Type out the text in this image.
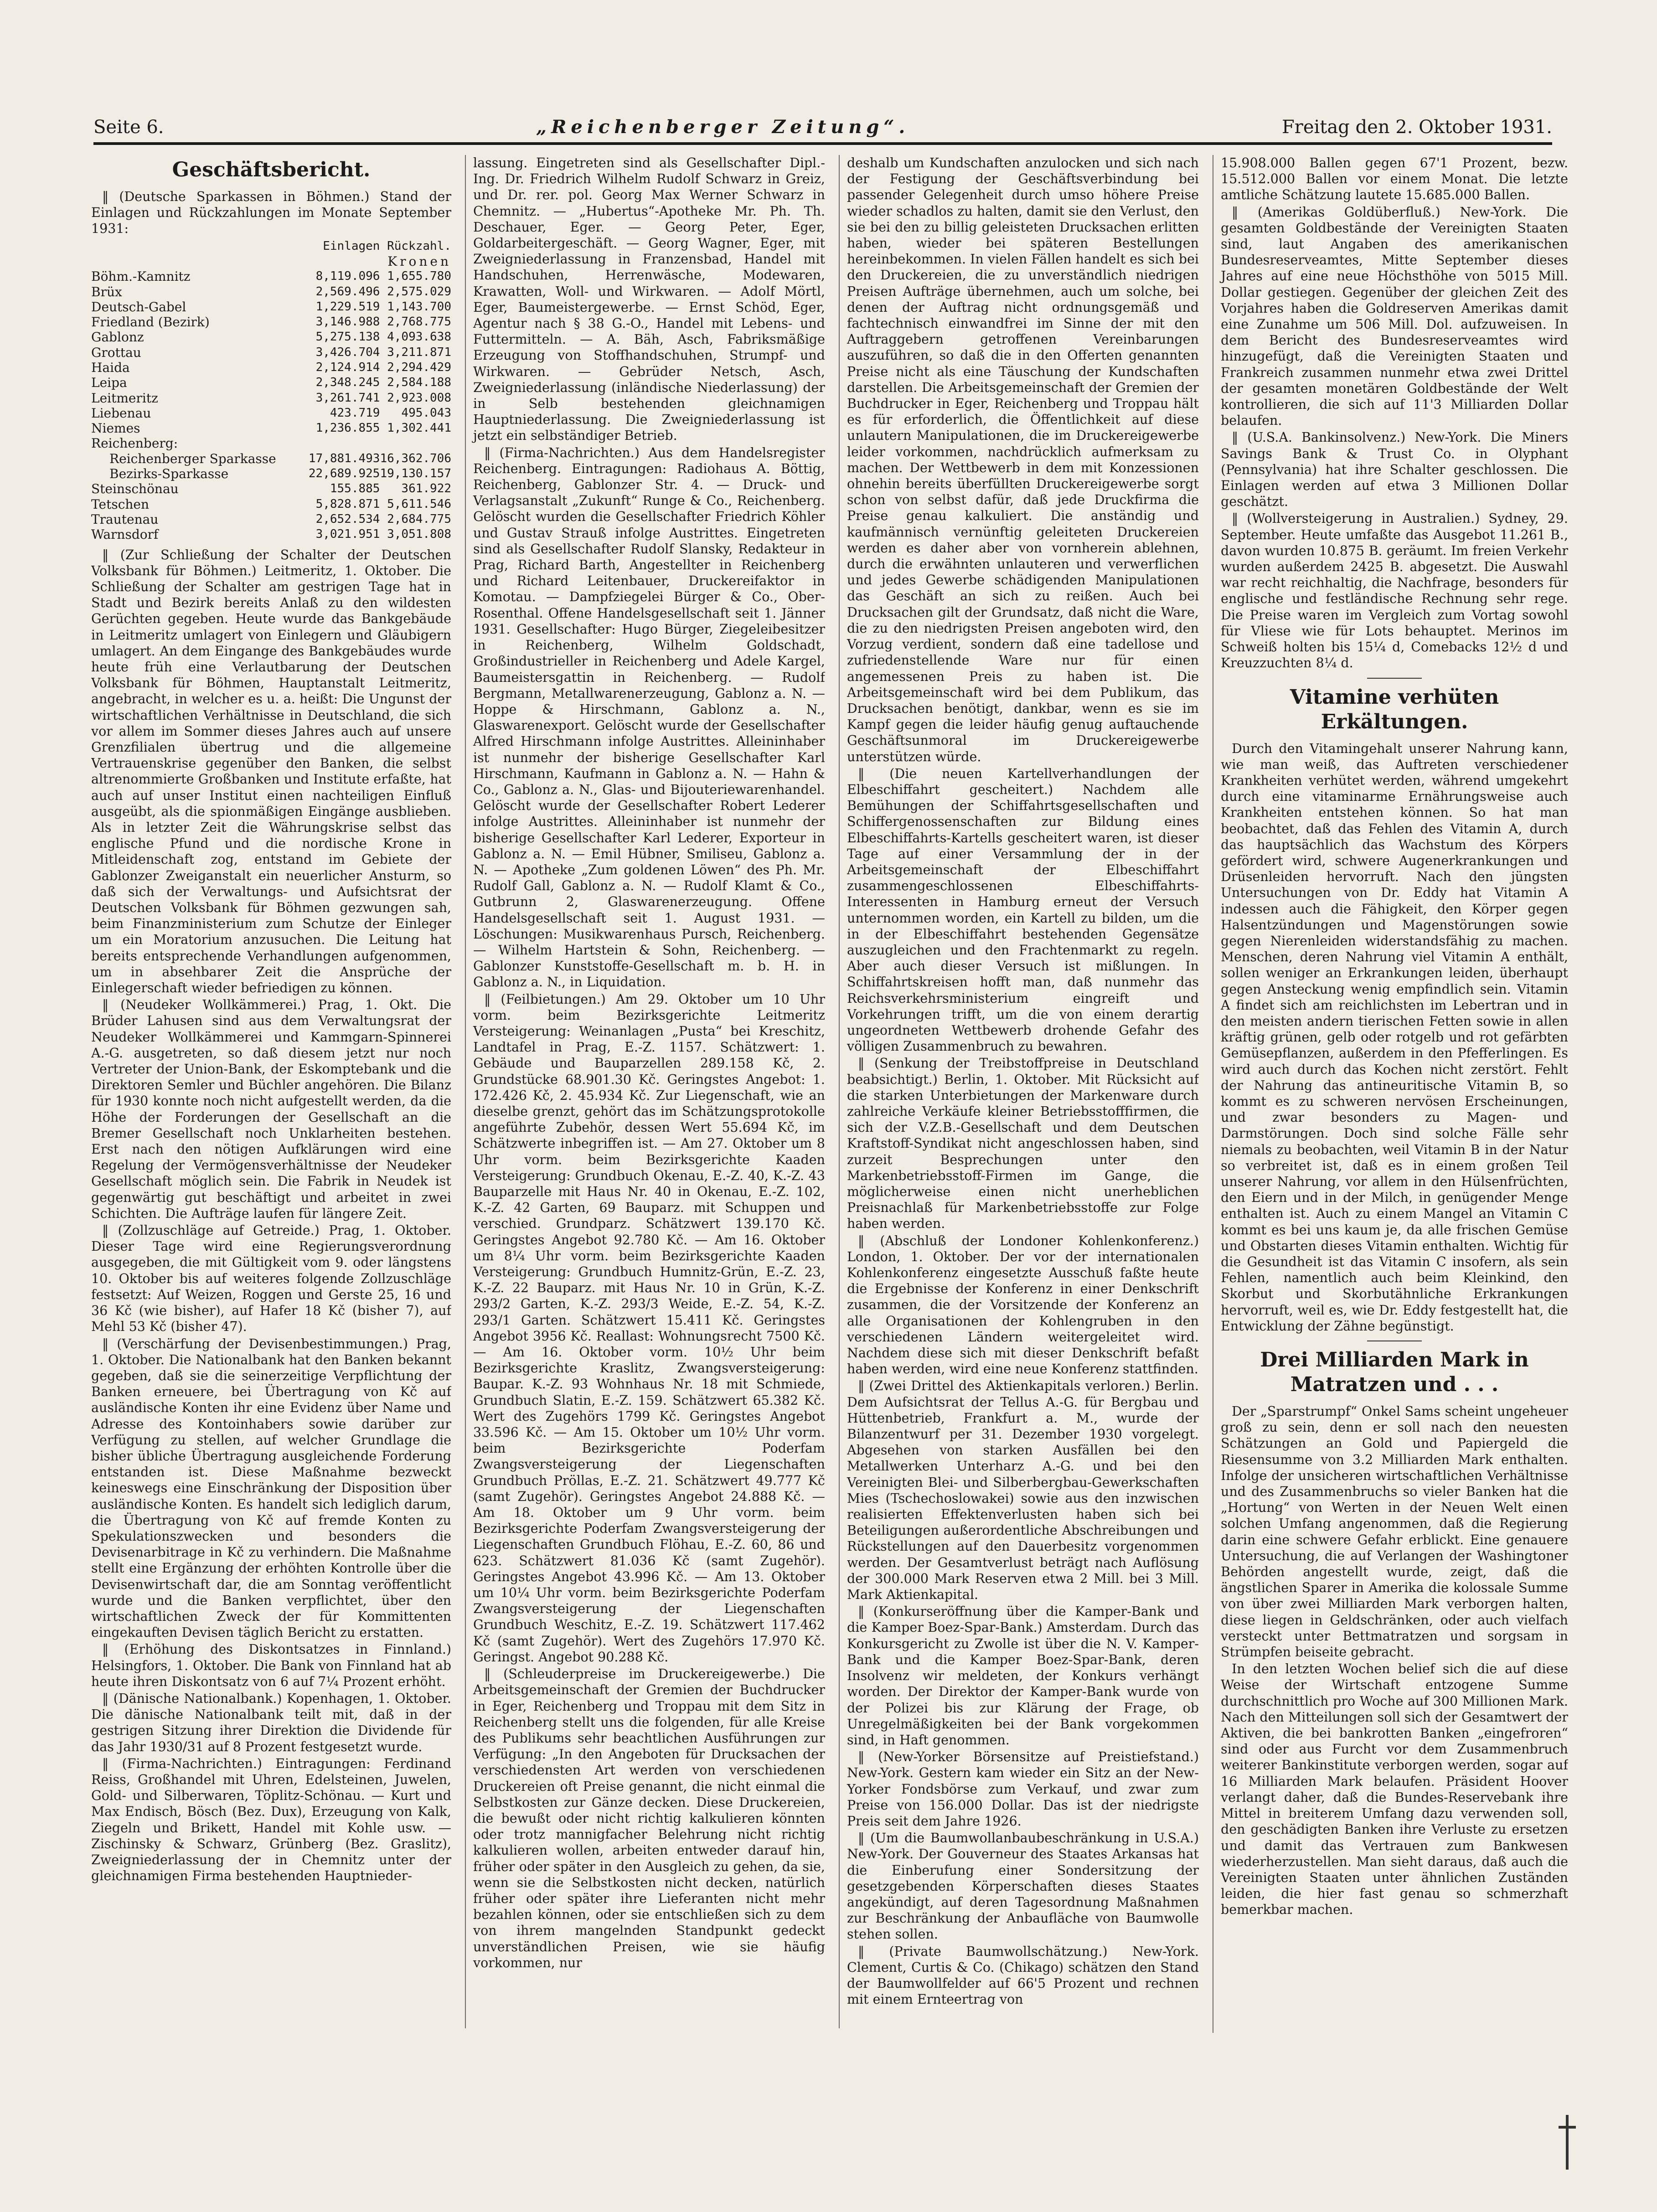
Seite 6.	„Reichenberger Zeitung“.	Freitag den 2. Oktober 1931.
Geschäftsbericht.

‖ (Deutsche Sparkassen in Böhmen.) Stand der Einlagen und Rückzahlungen im Monate September 1931:

	Einlagen	Rückzahl.
Kronen		
Böhm.-Kamnitz	8,119.096	1,655.780
Brüx	2,569.496	2,575.029
Deutsch-Gabel	1,229.519	1,143.700
Friedland (Bezirk)	3,146.988	2,768.775
Gablonz	5,275.138	4,093.638
Grottau	3,426.704	3,211.871
Haida	2,124.914	2,294.429
Leipa	2,348.245	2,584.188
Leitmeritz	3,261.741	2,923.008
Liebenau	423.719	495.043
Niemes	1,236.855	1,302.441
Reichenberg:		
Reichenberger Sparkasse	17,881.493	16,362.706
Bezirks-Sparkasse	22,689.925	19,130.157
Steinschönau	155.885	361.922
Tetschen	5,828.871	5,611.546
Trautenau	2,652.534	2,684.775
Warnsdorf	3,021.951	3,051.808

‖ (Zur Schließung der Schalter der Deutschen Volksbank für Böhmen.) Leitmeritz, 1. Oktober. Die Schließung der Schalter am gestrigen Tage hat in Stadt und Bezirk bereits Anlaß zu den wildesten Gerüchten gegeben. Heute wurde das Bankgebäude in Leitmeritz umlagert von Einlegern und Gläubigern umlagert. An dem Eingange des Bankgebäudes wurde heute früh eine Verlautbarung der Deutschen Volksbank für Böhmen, Hauptanstalt Leitmeritz, angebracht, in welcher es u. a. heißt: Die Ungunst der wirtschaftlichen Verhältnisse in Deutschland, die sich vor allem im Sommer dieses Jahres auch auf unsere Grenzfilialen übertrug und die allgemeine Vertrauenskrise gegenüber den Banken, die selbst altrenommierte Großbanken und Institute erfaßte, hat auch auf unser Institut einen nachteiligen Einfluß ausgeübt, als die spionmäßigen Eingänge ausblieben. Als in letzter Zeit die Währungskrise selbst das englische Pfund und die nordische Krone in Mitleidenschaft zog, entstand im Gebiete der Gablonzer Zweiganstalt ein neuerlicher Ansturm, so daß sich der Verwaltungs- und Aufsichtsrat der Deutschen Volksbank für Böhmen gezwungen sah, beim Finanzministerium zum Schutze der Einleger um ein Moratorium anzusuchen. Die Leitung hat bereits entsprechende Verhandlungen aufgenommen, um in absehbarer Zeit die Ansprüche der Einlegerschaft wieder befriedigen zu können.

‖ (Neudeker Wollkämmerei.) Prag, 1. Okt. Die Brüder Lahusen sind aus dem Verwaltungsrat der Neudeker Wollkämmerei und Kammgarn-Spinnerei A.-G. ausgetreten, so daß diesem jetzt nur noch Vertreter der Union-Bank, der Eskomptebank und die Direktoren Semler und Büchler angehören. Die Bilanz für 1930 konnte noch nicht aufgestellt werden, da die Höhe der Forderungen der Gesellschaft an die Bremer Gesellschaft noch Unklarheiten bestehen. Erst nach den nötigen Aufklärungen wird eine Regelung der Vermögensverhältnisse der Neudeker Gesellschaft möglich sein. Die Fabrik in Neudek ist gegenwärtig gut beschäftigt und arbeitet in zwei Schichten. Die Aufträge laufen für längere Zeit.

‖ (Zollzuschläge auf Getreide.) Prag, 1. Oktober. Dieser Tage wird eine Regierungsverordnung ausgegeben, die mit Gültigkeit vom 9. oder längstens 10. Oktober bis auf weiteres folgende Zollzuschläge festsetzt: Auf Weizen, Roggen und Gerste 25, 16 und 36 Kč (wie bisher), auf Hafer 18 Kč (bisher 7), auf Mehl 53 Kč (bisher 47).

‖ (Verschärfung der Devisenbestimmungen.) Prag, 1. Oktober. Die Nationalbank hat den Banken bekannt gegeben, daß sie die seinerzeitige Verpflichtung der Banken erneuere, bei Übertragung von Kč auf ausländische Konten ihr eine Evidenz über Name und Adresse des Kontoinhabers sowie darüber zur Verfügung zu stellen, auf welcher Grundlage die bisher übliche Übertragung ausgleichende Forderung entstanden ist. Diese Maßnahme bezweckt keineswegs eine Einschränkung der Disposition über ausländische Konten. Es handelt sich lediglich darum, die Übertragung von Kč auf fremde Konten zu Spekulationszwecken und besonders die Devisenarbitrage in Kč zu verhindern. Die Maßnahme stellt eine Ergänzung der erhöhten Kontrolle über die Devisenwirtschaft dar, die am Sonntag veröffentlicht wurde und die Banken verpflichtet, über den wirtschaftlichen Zweck der für Kommittenten eingekauften Devisen täglich Bericht zu erstatten.

‖ (Erhöhung des Diskontsatzes in Finnland.) Helsingfors, 1. Oktober. Die Bank von Finnland hat ab heute ihren Diskontsatz von 6 auf 7¼ Prozent erhöht.

‖ (Dänische Nationalbank.) Kopenhagen, 1. Oktober. Die dänische Nationalbank teilt mit, daß in der gestrigen Sitzung ihrer Direktion die Dividende für das Jahr 1930/31 auf 8 Prozent festgesetzt wurde.

‖ (Firma-Nachrichten.) Eintragungen: Ferdinand Reiss, Großhandel mit Uhren, Edelsteinen, Juwelen, Gold- und Silberwaren, Töplitz-Schönau. — Kurt und Max Endisch, Bösch (Bez. Dux), Erzeugung von Kalk, Ziegeln und Brikett, Handel mit Kohle usw. — Zischinsky & Schwarz, Grünberg (Bez. Graslitz), Zweigniederlassung der in Chemnitz unter der gleichnamigen Firma bestehenden Hauptnieder-

lassung. Eingetreten sind als Gesellschafter Dipl.-Ing. Dr. Friedrich Wilhelm Rudolf Schwarz in Greiz, und Dr. rer. pol. Georg Max Werner Schwarz in Chemnitz. — „Hubertus“-Apotheke Mr. Ph. Th. Deschauer, Eger. — Georg Peter, Eger, Goldarbeitergeschäft. — Georg Wagner, Eger, mit Zweigniederlassung in Franzensbad, Handel mit Handschuhen, Herrenwäsche, Modewaren, Krawatten, Woll- und Wirkwaren. — Adolf Mörtl, Eger, Baumeistergewerbe. — Ernst Schöd, Eger, Agentur nach § 38 G.-O., Handel mit Lebens- und Futtermitteln. — A. Bäh, Asch, Fabriksmäßige Erzeugung von Stoffhandschuhen, Strumpf- und Wirkwaren. — Gebrüder Netsch, Asch, Zweigniederlassung (inländische Niederlassung) der in Selb bestehenden gleichnamigen Hauptniederlassung. Die Zweigniederlassung ist jetzt ein selbständiger Betrieb.

‖ (Firma-Nachrichten.) Aus dem Handelsregister Reichenberg. Eintragungen: Radiohaus A. Böttig, Reichenberg, Gablonzer Str. 4. — Druck- und Verlagsanstalt „Zukunft“ Runge & Co., Reichenberg. Gelöscht wurden die Gesellschafter Friedrich Köhler und Gustav Strauß infolge Austrittes. Eingetreten sind als Gesellschafter Rudolf Slansky, Redakteur in Prag, Richard Barth, Angestellter in Reichenberg und Richard Leitenbauer, Druckereifaktor in Komotau. — Dampfziegelei Bürger & Co., Ober-Rosenthal. Offene Handelsgesellschaft seit 1. Jänner 1931. Gesellschafter: Hugo Bürger, Ziegeleibesitzer in Reichenberg, Wilhelm Goldschadt, Großindustrieller in Reichenberg und Adele Kargel, Baumeistersgattin in Reichenberg. — Rudolf Bergmann, Metallwarenerzeugung, Gablonz a. N. — Hoppe & Hirschmann, Gablonz a. N., Glaswarenexport. Gelöscht wurde der Gesellschafter Alfred Hirschmann infolge Austrittes. Alleininhaber ist nunmehr der bisherige Gesellschafter Karl Hirschmann, Kaufmann in Gablonz a. N. — Hahn & Co., Gablonz a. N., Glas- und Bijouteriewarenhandel. Gelöscht wurde der Gesellschafter Robert Lederer infolge Austrittes. Alleininhaber ist nunmehr der bisherige Gesellschafter Karl Lederer, Exporteur in Gablonz a. N. — Emil Hübner, Smiliseu, Gablonz a. N. — Apotheke „Zum goldenen Löwen“ des Ph. Mr. Rudolf Gall, Gablonz a. N. — Rudolf Klamt & Co., Gutbrunn 2, Glaswarenerzeugung. Offene Handelsgesellschaft seit 1. August 1931. — Löschungen: Musikwarenhaus Pursch, Reichenberg. — Wilhelm Hartstein & Sohn, Reichenberg. — Gablonzer Kunststoffe-Gesellschaft m. b. H. in Gablonz a. N., in Liquidation.

‖ (Feilbietungen.) Am 29. Oktober um 10 Uhr vorm. beim Bezirksgerichte Leitmeritz Versteigerung: Weinanlagen „Pusta“ bei Kreschitz, Landtafel in Prag, E.-Z. 1157. Schätzwert: 1. Gebäude und Bauparzellen 289.158 Kč, 2. Grundstücke 68.901.30 Kč. Geringstes Angebot: 1. 172.426 Kč, 2. 45.934 Kč. Zur Liegenschaft, wie an dieselbe grenzt, gehört das im Schätzungsprotokolle angeführte Zubehör, dessen Wert 55.694 Kč, im Schätzwerte inbegriffen ist. — Am 27. Oktober um 8 Uhr vorm. beim Bezirksgerichte Kaaden Versteigerung: Grundbuch Okenau, E.-Z. 40, K.-Z. 43 Bauparzelle mit Haus Nr. 40 in Okenau, E.-Z. 102, K.-Z. 42 Garten, 69 Bauparz. mit Schuppen und verschied. Grundparz. Schätzwert 139.170 Kč. Geringstes Angebot 92.780 Kč. — Am 16. Oktober um 8¼ Uhr vorm. beim Bezirksgerichte Kaaden Versteigerung: Grundbuch Humnitz-Grün, E.-Z. 23, K.-Z. 22 Bauparz. mit Haus Nr. 10 in Grün, K.-Z. 293/2 Garten, K.-Z. 293/3 Weide, E.-Z. 54, K.-Z. 293/1 Garten. Schätzwert 15.411 Kč. Geringstes Angebot 3956 Kč. Reallast: Wohnungsrecht 7500 Kč. — Am 16. Oktober vorm. 10½ Uhr beim Bezirksgerichte Kraslitz, Zwangsversteigerung: Baupar. K.-Z. 93 Wohnhaus Nr. 18 mit Schmiede, Grundbuch Slatin, E.-Z. 159. Schätzwert 65.382 Kč. Wert des Zugehörs 1799 Kč. Geringstes Angebot 33.596 Kč. — Am 15. Oktober um 10½ Uhr vorm. beim Bezirksgerichte Poderfam Zwangsversteigerung der Liegenschaften Grundbuch Pröllas, E.-Z. 21. Schätzwert 49.777 Kč (samt Zugehör). Geringstes Angebot 24.888 Kč. — Am 18. Oktober um 9 Uhr vorm. beim Bezirksgerichte Poderfam Zwangsversteigerung der Liegenschaften Grundbuch Flöhau, E.-Z. 60, 86 und 623. Schätzwert 81.036 Kč (samt Zugehör). Geringstes Angebot 43.996 Kč. — Am 13. Oktober um 10¼ Uhr vorm. beim Bezirksgerichte Poderfam Zwangsversteigerung der Liegenschaften Grundbuch Weschitz, E.-Z. 19. Schätzwert 117.462 Kč (samt Zugehör). Wert des Zugehörs 17.970 Kč. Geringst. Angebot 90.288 Kč.

‖ (Schleuderpreise im Druckereigewerbe.) Die Arbeitsgemeinschaft der Gremien der Buchdrucker in Eger, Reichenberg und Troppau mit dem Sitz in Reichenberg stellt uns die folgenden, für alle Kreise des Publikums sehr beachtlichen Ausführungen zur Verfügung: „In den Angeboten für Drucksachen der verschiedensten Art werden von verschiedenen Druckereien oft Preise genannt, die nicht einmal die Selbstkosten zur Gänze decken. Diese Druckereien, die bewußt oder nicht richtig kalkulieren könnten oder trotz mannigfacher Belehrung nicht richtig kalkulieren wollen, arbeiten entweder darauf hin, früher oder später in den Ausgleich zu gehen, da sie, wenn sie die Selbstkosten nicht decken, natürlich früher oder später ihre Lieferanten nicht mehr bezahlen können, oder sie entschließen sich zu dem von ihrem mangelnden Standpunkt gedeckt unverständlichen Preisen, wie sie häufig vorkommen, nur

deshalb um Kundschaften anzulocken und sich nach der Festigung der Geschäftsverbindung bei passender Gelegenheit durch umso höhere Preise wieder schadlos zu halten, damit sie den Verlust, den sie bei den zu billig geleisteten Drucksachen erlitten haben, wieder bei späteren Bestellungen hereinbekommen. In vielen Fällen handelt es sich bei den Druckereien, die zu unverständlich niedrigen Preisen Aufträge übernehmen, auch um solche, bei denen der Auftrag nicht ordnungsgemäß und fachtechnisch einwandfrei im Sinne der mit den Auftraggebern getroffenen Vereinbarungen auszuführen, so daß die in den Offerten genannten Preise nicht als eine Täuschung der Kundschaften darstellen. Die Arbeitsgemeinschaft der Gremien der Buchdrucker in Eger, Reichenberg und Troppau hält es für erforderlich, die Öffentlichkeit auf diese unlautern Manipulationen, die im Druckereigewerbe leider vorkommen, nachdrücklich aufmerksam zu machen. Der Wettbewerb in dem mit Konzessionen ohnehin bereits überfüllten Druckereigewerbe sorgt schon von selbst dafür, daß jede Druckfirma die Preise genau kalkuliert. Die anständig und kaufmännisch vernünftig geleiteten Druckereien werden es daher aber von vornherein ablehnen, durch die erwähnten unlauteren und verwerflichen und jedes Gewerbe schädigenden Manipulationen das Geschäft an sich zu reißen. Auch bei Drucksachen gilt der Grundsatz, daß nicht die Ware, die zu den niedrigsten Preisen angeboten wird, den Vorzug verdient, sondern daß eine tadellose und zufriedenstellende Ware nur für einen angemessenen Preis zu haben ist. Die Arbeitsgemeinschaft wird bei dem Publikum, das Drucksachen benötigt, dankbar, wenn es sie im Kampf gegen die leider häufig genug auftauchende Geschäftsunmoral im Druckereigewerbe unterstützen würde.

‖ (Die neuen Kartellverhandlungen der Elbeschiffahrt gescheitert.) Nachdem alle Bemühungen der Schiffahrtsgesellschaften und Schiffergenossenschaften zur Bildung eines Elbeschiffahrts-Kartells gescheitert waren, ist dieser Tage auf einer Versammlung der in der Arbeitsgemeinschaft der Elbeschiffahrt zusammengeschlossenen Elbeschiffahrts-Interessenten in Hamburg erneut der Versuch unternommen worden, ein Kartell zu bilden, um die in der Elbeschiffahrt bestehenden Gegensätze auszugleichen und den Frachtenmarkt zu regeln. Aber auch dieser Versuch ist mißlungen. In Schiffahrtskreisen hofft man, daß nunmehr das Reichsverkehrsministerium eingreift und Vorkehrungen trifft, um die von einem derartig ungeordneten Wettbewerb drohende Gefahr des völligen Zusammenbruch zu bewahren.

‖ (Senkung der Treibstoffpreise in Deutschland beabsichtigt.) Berlin, 1. Oktober. Mit Rücksicht auf die starken Unterbietungen der Markenware durch zahlreiche Verkäufe kleiner Betriebsstofffirmen, die sich der V.Z.B.-Gesellschaft und dem Deutschen Kraftstoff-Syndikat nicht angeschlossen haben, sind zurzeit Besprechungen unter den Markenbetriebsstoff-Firmen im Gange, die möglicherweise einen nicht unerheblichen Preisnachlaß für Markenbetriebsstoffe zur Folge haben werden.

‖ (Abschluß der Londoner Kohlenkonferenz.) London, 1. Oktober. Der vor der internationalen Kohlenkonferenz eingesetzte Ausschuß faßte heute die Ergebnisse der Konferenz in einer Denkschrift zusammen, die der Vorsitzende der Konferenz an alle Organisationen der Kohlengruben in den verschiedenen Ländern weitergeleitet wird. Nachdem diese sich mit dieser Denkschrift befaßt haben werden, wird eine neue Konferenz stattfinden.

‖ (Zwei Drittel des Aktienkapitals verloren.) Berlin. Dem Aufsichtsrat der Tellus A.-G. für Bergbau und Hüttenbetrieb, Frankfurt a. M., wurde der Bilanzentwurf per 31. Dezember 1930 vorgelegt. Abgesehen von starken Ausfällen bei den Metallwerken Unterharz A.-G. und bei den Vereinigten Blei- und Silberbergbau-Gewerkschaften Mies (Tschechoslowakei) sowie aus den inzwischen realisierten Effektenverlusten haben sich bei Beteiligungen außerordentliche Abschreibungen und Rückstellungen auf den Dauerbesitz vorgenommen werden. Der Gesamtverlust beträgt nach Auflösung der 300.000 Mark Reserven etwa 2 Mill. bei 3 Mill. Mark Aktienkapital.

‖ (Konkurseröffnung über die Kamper-Bank und die Kamper Boez-Spar-Bank.) Amsterdam. Durch das Konkursgericht zu Zwolle ist über die N. V. Kamper-Bank und die Kamper Boez-Spar-Bank, deren Insolvenz wir meldeten, der Konkurs verhängt worden. Der Direktor der Kamper-Bank wurde von der Polizei bis zur Klärung der Frage, ob Unregelmäßigkeiten bei der Bank vorgekommen sind, in Haft genommen.

‖ (New-Yorker Börsensitze auf Preistiefstand.) New-York. Gestern kam wieder ein Sitz an der New-Yorker Fondsbörse zum Verkauf, und zwar zum Preise von 156.000 Dollar. Das ist der niedrigste Preis seit dem Jahre 1926.

‖ (Um die Baumwollanbaubeschränkung in U.S.A.) New-York. Der Gouverneur des Staates Arkansas hat die Einberufung einer Sondersitzung der gesetzgebenden Körperschaften dieses Staates angekündigt, auf deren Tagesordnung Maßnahmen zur Beschränkung der Anbaufläche von Baumwolle stehen sollen.

‖ (Private Baumwollschätzung.) New-York. Clement, Curtis & Co. (Chikago) schätzen den Stand der Baumwollfelder auf 66'5 Prozent und rechnen mit einem Ernteertrag von

15.908.000 Ballen gegen 67'1 Prozent, bezw. 15.512.000 Ballen vor einem Monat. Die letzte amtliche Schätzung lautete 15.685.000 Ballen.

‖ (Amerikas Goldüberfluß.) New-York. Die gesamten Goldbestände der Vereinigten Staaten sind, laut Angaben des amerikanischen Bundesreserveamtes, Mitte September dieses Jahres auf eine neue Höchsthöhe von 5015 Mill. Dollar gestiegen. Gegenüber der gleichen Zeit des Vorjahres haben die Goldreserven Amerikas damit eine Zunahme um 506 Mill. Dol. aufzuweisen. In dem Bericht des Bundesreserveamtes wird hinzugefügt, daß die Vereinigten Staaten und Frankreich zusammen nunmehr etwa zwei Drittel der gesamten monetären Goldbestände der Welt kontrollieren, die sich auf 11'3 Milliarden Dollar belaufen.

‖ (U.S.A. Bankinsolvenz.) New-York. Die Miners Savings Bank & Trust Co. in Olyphant (Pennsylvania) hat ihre Schalter geschlossen. Die Einlagen werden auf etwa 3 Millionen Dollar geschätzt.

‖ (Wollversteigerung in Australien.) Sydney, 29. September. Heute umfaßte das Ausgebot 11.261 B., davon wurden 10.875 B. geräumt. Im freien Verkehr wurden außerdem 2425 B. abgesetzt. Die Auswahl war recht reichhaltig, die Nachfrage, besonders für englische und festländische Rechnung sehr rege. Die Preise waren im Vergleich zum Vortag sowohl für Vliese wie für Lots behauptet. Merinos im Schweiß holten bis 15¼ d, Comebacks 12½ d und Kreuzzuchten 8¼ d.

Vitamine verhüten Erkältungen.

Durch den Vitamingehalt unserer Nahrung kann, wie man weiß, das Auftreten verschiedener Krankheiten verhütet werden, während umgekehrt durch eine vitaminarme Ernährungsweise auch Krankheiten entstehen können. So hat man beobachtet, daß das Fehlen des Vitamin A, durch das hauptsächlich das Wachstum des Körpers gefördert wird, schwere Augenerkrankungen und Drüsenleiden hervorruft. Nach den jüngsten Untersuchungen von Dr. Eddy hat Vitamin A indessen auch die Fähigkeit, den Körper gegen Halsentzündungen und Magenstörungen sowie gegen Nierenleiden widerstandsfähig zu machen. Menschen, deren Nahrung viel Vitamin A enthält, sollen weniger an Erkrankungen leiden, überhaupt gegen Ansteckung wenig empfindlich sein. Vitamin A findet sich am reichlichsten im Lebertran und in den meisten andern tierischen Fetten sowie in allen kräftig grünen, gelb oder rotgelb und rot gefärbten Gemüsepflanzen, außerdem in den Pfefferlingen. Es wird auch durch das Kochen nicht zerstört. Fehlt der Nahrung das antineuritische Vitamin B, so kommt es zu schweren nervösen Erscheinungen, und zwar besonders zu Magen- und Darmstörungen. Doch sind solche Fälle sehr niemals zu beobachten, weil Vitamin B in der Natur so verbreitet ist, daß es in einem großen Teil unserer Nahrung, vor allem in den Hülsenfrüchten, den Eiern und in der Milch, in genügender Menge enthalten ist. Auch zu einem Mangel an Vitamin C kommt es bei uns kaum je, da alle frischen Gemüse und Obstarten dieses Vitamin enthalten. Wichtig für die Gesundheit ist das Vitamin C insofern, als sein Fehlen, namentlich auch beim Kleinkind, den Skorbut und Skorbutähnliche Erkrankungen hervorruft, weil es, wie Dr. Eddy festgestellt hat, die Entwicklung der Zähne begünstigt.

Drei Milliarden Mark in Matratzen und . . .

Der „Sparstrumpf“ Onkel Sams scheint ungeheuer groß zu sein, denn er soll nach den neuesten Schätzungen an Gold und Papiergeld die Riesensumme von 3.2 Milliarden Mark enthalten. Infolge der unsicheren wirtschaftlichen Verhältnisse und des Zusammenbruchs so vieler Banken hat die „Hortung“ von Werten in der Neuen Welt einen solchen Umfang angenommen, daß die Regierung darin eine schwere Gefahr erblickt. Eine genauere Untersuchung, die auf Verlangen der Washingtoner Behörden angestellt wurde, zeigt, daß die ängstlichen Sparer in Amerika die kolossale Summe von über zwei Milliarden Mark verborgen halten, diese liegen in Geldschränken, oder auch vielfach versteckt unter Bettmatratzen und sorgsam in Strümpfen beiseite gebracht.

In den letzten Wochen belief sich die auf diese Weise der Wirtschaft entzogene Summe durchschnittlich pro Woche auf 300 Millionen Mark. Nach den Mitteilungen soll sich der Gesamtwert der Aktiven, die bei bankrotten Banken „eingefroren“ sind oder aus Furcht vor dem Zusammenbruch weiterer Bankinstitute verborgen werden, sogar auf 16 Milliarden Mark belaufen. Präsident Hoover verlangt daher, daß die Bundes-Reservebank ihre Mittel in breiterem Umfang dazu verwenden soll, den geschädigten Banken ihre Verluste zu ersetzen und damit das Vertrauen zum Bankwesen wiederherzustellen. Man sieht daraus, daß auch die Vereinigten Staaten unter ähnlichen Zuständen leiden, die hier fast genau so schmerzhaft bemerkbar machen.
